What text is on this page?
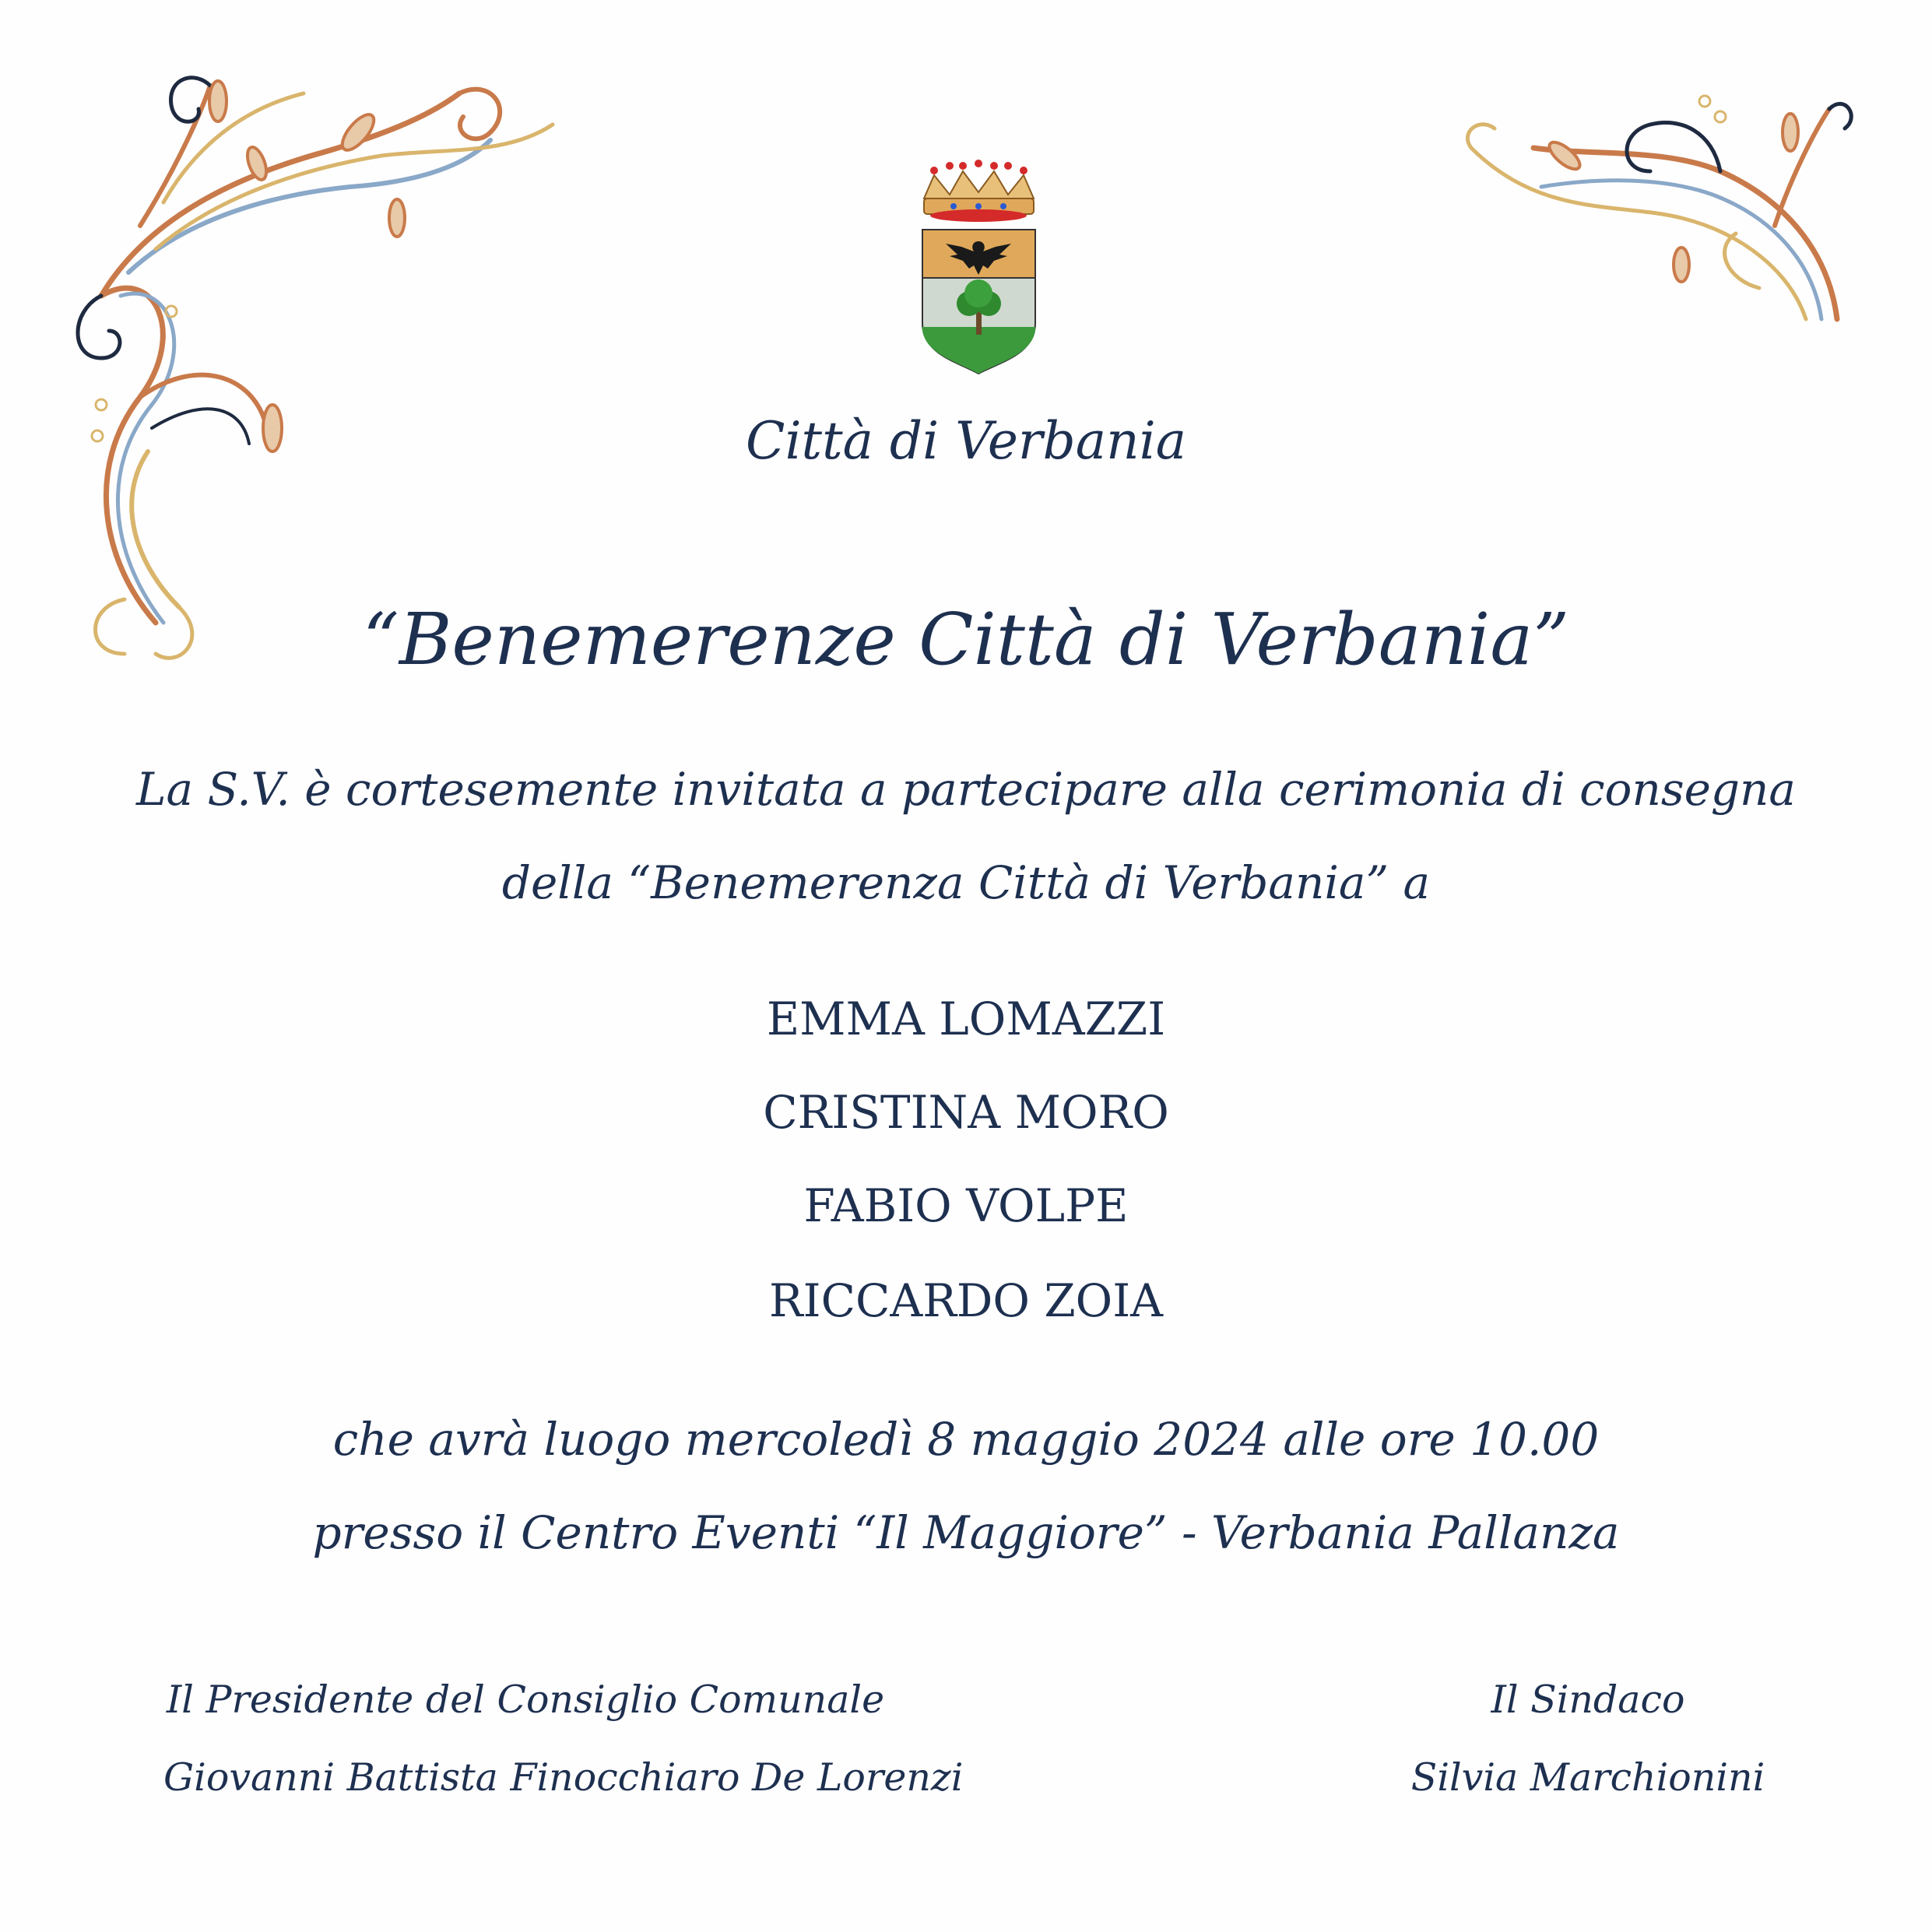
Città di Verbania
“Benemerenze Città di Verbania”
La S.V. è cortesemente invitata a partecipare alla cerimonia di consegna
della “Benemerenza Città di Verbania” a
EMMA LOMAZZI
CRISTINA MORO
FABIO VOLPE
RICCARDO ZOIA
che avrà luogo mercoledì 8 maggio 2024 alle ore 10.00
presso il Centro Eventi “Il Maggiore” - Verbania Pallanza
Il Presidente del Consiglio Comunale
Giovanni Battista Finocchiaro De Lorenzi
Il Sindaco
Silvia Marchionini
